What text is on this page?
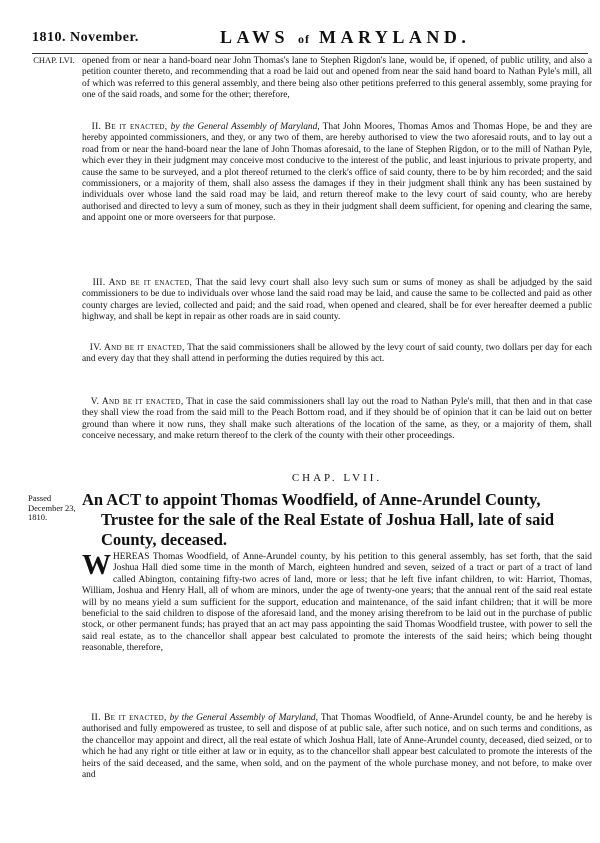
1810. November.	LAWS of MARYLAND.
CHAP. LVI. opened from or near a hand-board near John Thomas's lane to Stephen Rigdon's lane, would be, if opened, of public utility, and also a petition counter thereto, and recommending that a road be laid out and opened from near the said hand board to Nathan Pyle's mill, all of which was referred to this general assembly, and there being also other petitions preferred to this general assembly, some praying for one of the said roads, and some for the other; therefore,

II. Be it enacted, by the General Assembly of Maryland, That John Moores, Thomas Amos and Thomas Hope, be and they are hereby appointed commissioners, and they, or any two of them, are hereby authorised to view the two aforesaid routs, and to lay out a road from or near the hand-board near the lane of John Thomas aforesaid, to the lane of Stephen Rigdon, or to the mill of Nathan Pyle, which ever they in their judgment may conceive most conducive to the interest of the public, and least injurious to private property, and cause the same to be surveyed, and a plot thereof returned to the clerk's office of said county, there to be by him recorded; and the said commissioners, or a majority of them, shall also assess the damages if they in their judgment shall think any has been sustained by individuals over whose land the said road may be laid, and return thereof make to the levy court of said county, who are hereby authorised and directed to levy a sum of money, such as they in their judgment shall deem sufficient, for opening and clearing the same, and appoint one or more overseers for that purpose.

III. And be it enacted, That the said levy court shall also levy such sum or sums of money as shall be adjudged by the said commissioners to be due to individuals over whose land the said road may be laid, and cause the same to be collected and paid as other county charges are levied, collected and paid; and the said road, when opened and cleared, shall be for ever hereafter deemed a public highway, and shall be kept in repair as other roads are in said county.

IV. And be it enacted, That the said commissioners shall be allowed by the levy court of said county, two dollars per day for each and every day that they shall attend in performing the duties required by this act.

V. And be it enacted, That in case the said commissioners shall lay out the road to Nathan Pyle's mill, that then and in that case they shall view the road from the said mill to the Peach Bottom road, and if they should be of opinion that it can be laid out on better ground than where it now runs, they shall make such alterations of the location of the same, as they, or a majority of them, shall conceive necessary, and make return thereof to the clerk of the county with their other proceedings.

CHAP. LVII.
Passed December 23, 1810.
An ACT to appoint Thomas Woodfield, of Anne-Arundel County,
Trustee for the sale of the Real Estate of Joshua Hall, late of said County, deceased.
WHEREAS Thomas Woodfield, of Anne-Arundel county, by his petition to this general assembly, has set forth, that the said Joshua Hall died some time in the month of March, eighteen hundred and seven, seized of a tract or part of a tract of land called Abington, containing fifty-two acres of land, more or less; that he left five infant children, to wit: Harriot, Thomas, William, Joshua and Henry Hall, all of whom are minors, under the age of twenty-one years; that the annual rent of the said real estate will by no means yield a sum sufficient for the support, education and maintenance, of the said infant children; that it will be more beneficial to the said children to dispose of the aforesaid land, and the money arising therefrom to be laid out in the purchase of public stock, or other permanent funds; has prayed that an act may pass appointing the said Thomas Woodfield trustee, with power to sell the said real estate, as to the chancellor shall appear best calculated to promote the interests of the said heirs; which being thought reasonable, therefore,

II. Be it enacted, by the General Assembly of Maryland, That Thomas Woodfield, of Anne-Arundel county, be and he hereby is authorised and fully empowered as trustee, to sell and dispose of at public sale, after such notice, and on such terms and conditions, as the chancellor may appoint and direct, all the real estate of which Joshua Hall, late of Anne-Arundel county, deceased, died seized, or to which he had any right or title either at law or in equity, as to the chancellor shall appear best calculated to promote the interests of the heirs of the said deceased, and the same, when sold, and on the payment of the whole purchase money, and not before, to make over and
